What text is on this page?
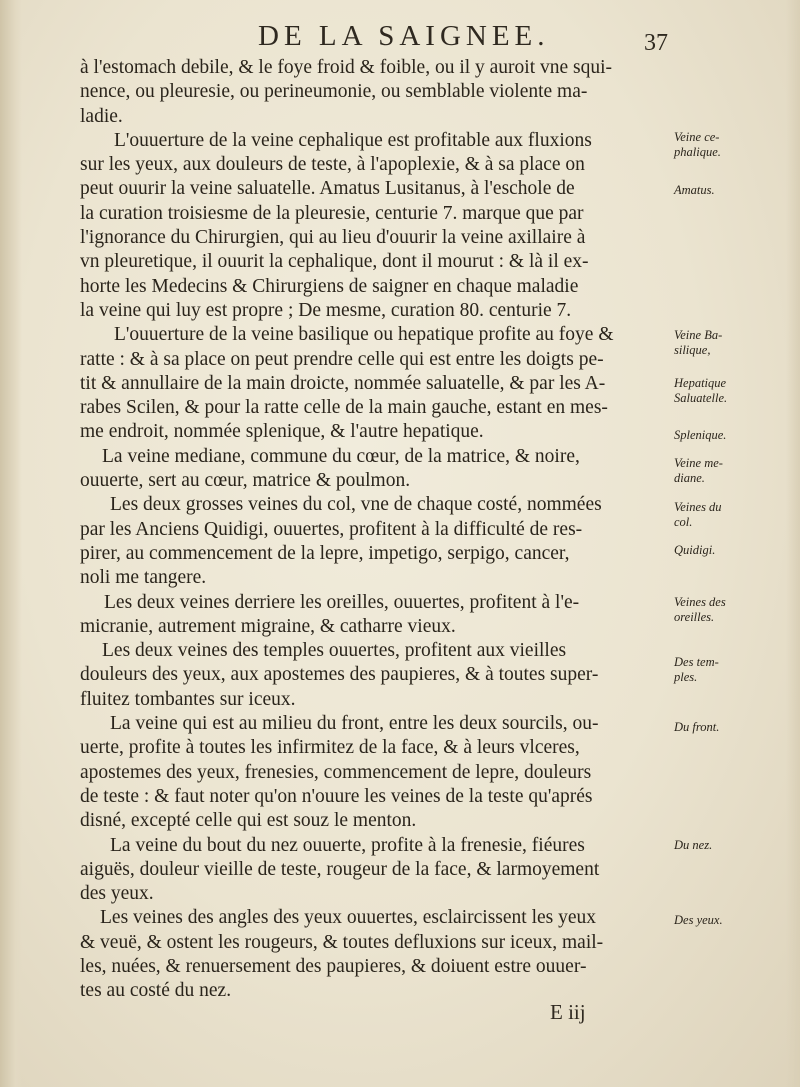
DE LA SAIGNEE.	37
à l'estomach debile, & le foye froid & foible, ou il y auroit vne squi-
nence, ou pleuresie, ou perineumonie, ou semblable violente ma-
ladie.
L'ouuerture de la veine cephalique est profitable aux fluxions
sur les yeux, aux douleurs de teste, à l'apoplexie, & à sa place on
peut ouurir la veine saluatelle. Amatus Lusitanus, à l'eschole de
la curation troisiesme de la pleuresie, centurie 7. marque que par
l'ignorance du Chirurgien, qui au lieu d'ouurir la veine axillaire à
vn pleuretique, il ouurit la cephalique, dont il mourut : & là il ex-
horte les Medecins & Chirurgiens de saigner en chaque maladie
la veine qui luy est propre ; De mesme, curation 80. centurie 7.
L'ouuerture de la veine basilique ou hepatique profite au foye &
ratte : & à sa place on peut prendre celle qui est entre les doigts pe-
tit & annullaire de la main droicte, nommée saluatelle, & par les A-
rabes Scilen, & pour la ratte celle de la main gauche, estant en mes-
me endroit, nommée splenique, & l'autre hepatique.
La veine mediane, commune du cœur, de la matrice, & noire,
ouuerte, sert au cœur, matrice & poulmon.
Les deux grosses veines du col, vne de chaque costé, nommées
par les Anciens Quidigi, ouuertes, profitent à la difficulté de res-
pirer, au commencement de la lepre, impetigo, serpigo, cancer,
noli me tangere.
Les deux veines derriere les oreilles, ouuertes, profitent à l'e-
micranie, autrement migraine, & catharre vieux.
Les deux veines des temples ouuertes, profitent aux vieilles
douleurs des yeux, aux apostemes des paupieres, & à toutes super-
fluitez tombantes sur iceux.
La veine qui est au milieu du front, entre les deux sourcils, ou-
uerte, profite à toutes les infirmitez de la face, & à leurs vlceres,
apostemes des yeux, frenesies, commencement de lepre, douleurs
de teste : & faut noter qu'on n'ouure les veines de la teste qu'aprés
disné, excepté celle qui est souz le menton.
La veine du bout du nez ouuerte, profite à la frenesie, fiéures
aiguës, douleur vieille de teste, rougeur de la face, & larmoyement
des yeux.
Les veines des angles des yeux ouuertes, esclaircissent les yeux
& veuë, & ostent les rougeurs, & toutes defluxions sur iceux, mail-
les, nuées, & renuersement des paupieres, & doiuent estre ouuer-
tes au costé du nez.
Veine ce-
phalique.
Amatus.
Veine Ba-
silique,
Hepatique
Saluatelle.
Splenique.
Veine me-
diane.
Veines du
col.
Quidigi.
Veines des
oreilles.
Des tem-
ples.
Du front.
Du nez.
Des yeux.
E iij
